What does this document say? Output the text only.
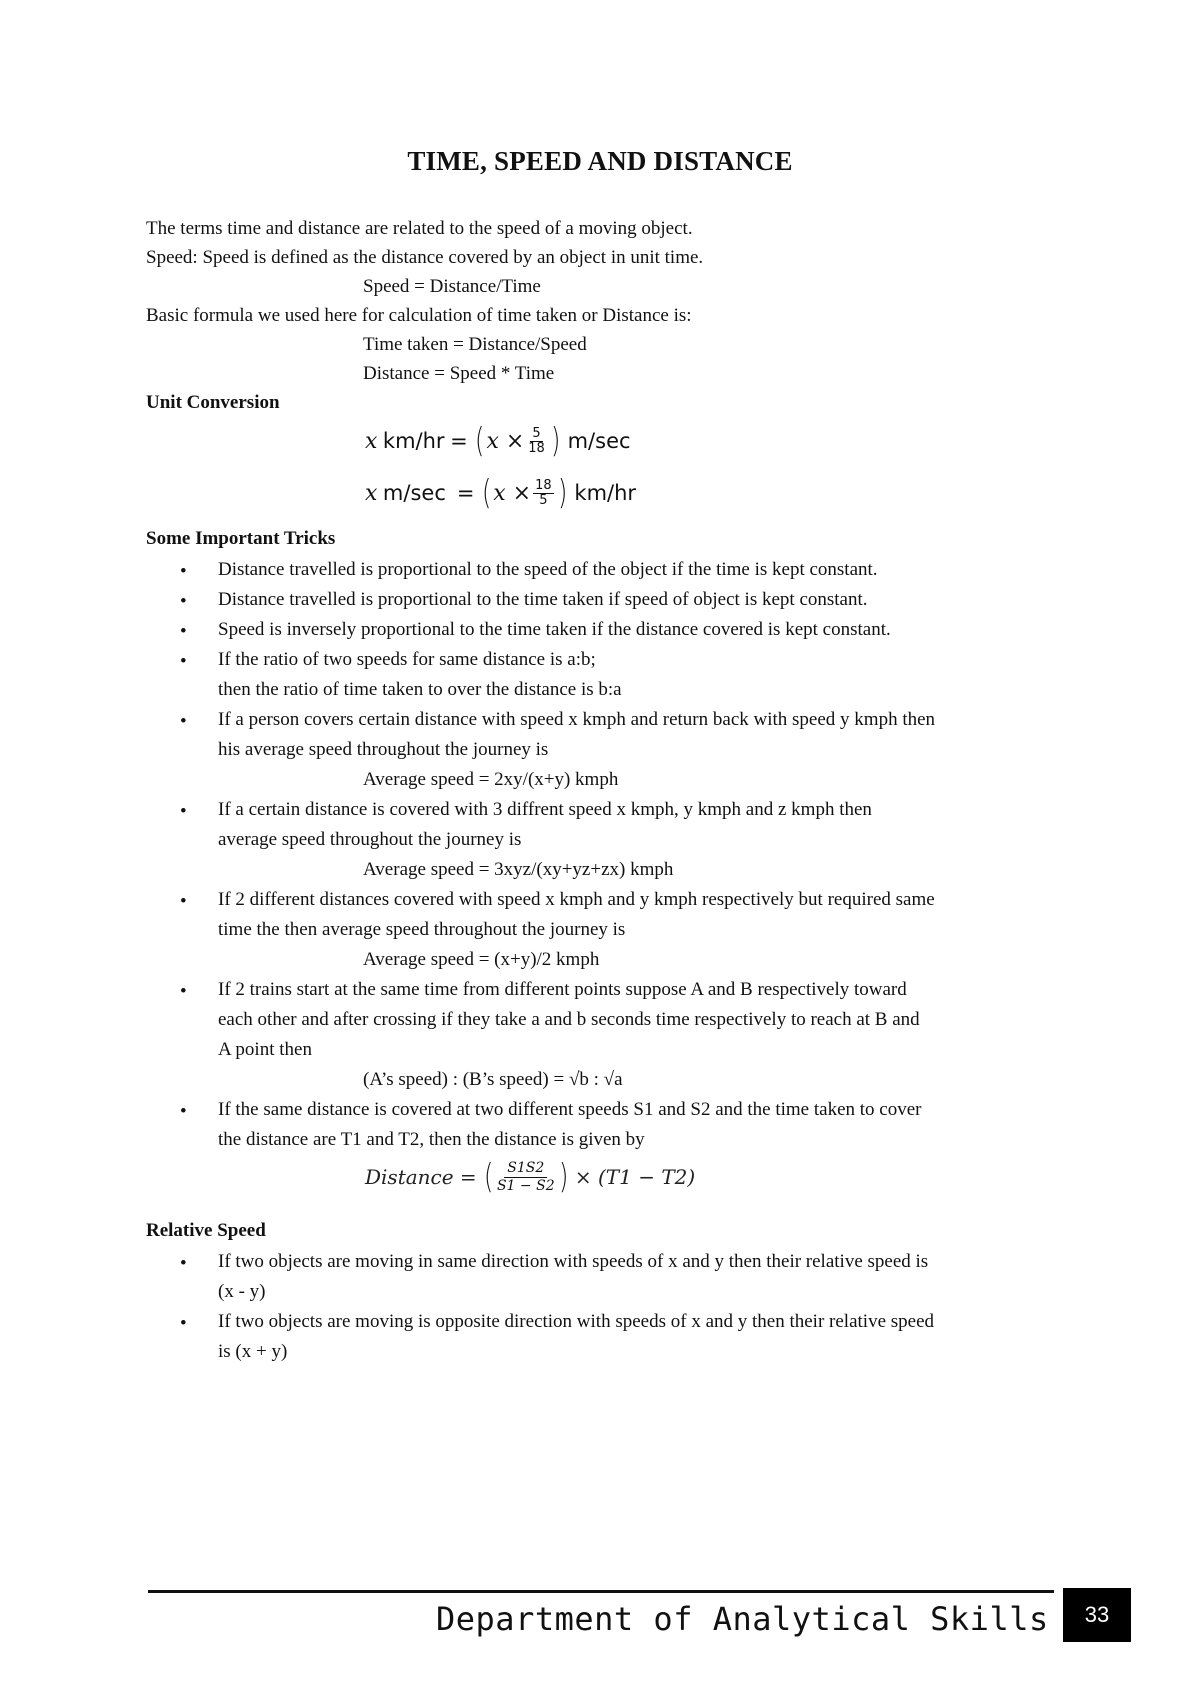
TIME, SPEED AND DISTANCE
The terms time and distance are related to the speed of a moving object.
Speed: Speed is defined as the distance covered by an object in unit time.
Speed = Distance/Time
Basic formula we used here for calculation of time taken or Distance is:
Time taken = Distance/Speed
Distance = Speed * Time
Unit Conversion
x
km/hr
=
( $x \times \frac{5}{18}$ )
m/sec
x
m/sec
=
( $x \times \frac{18}{5}$ )
km/hr
Some Important Tricks
• Distance travelled is proportional to the speed of the object if the time is kept constant.
• Distance travelled is proportional to the time taken if speed of object is kept constant.
• Speed is inversely proportional to the time taken if the distance covered is kept constant.
• If the ratio of two speeds for same distance is a:b;
then the ratio of time taken to over the distance is b:a
• If a person covers certain distance with speed x kmph and return back with speed y kmph then
his average speed throughout the journey is
Average speed = 2xy/(x+y) kmph
• If a certain distance is covered with 3 diffrent speed x kmph, y kmph and z kmph then
average speed throughout the journey is
Average speed = 3xyz/(xy+yz+zx) kmph
• If 2 different distances covered with speed x kmph and y kmph respectively but required same
time the then average speed throughout the journey is
Average speed = (x+y)/2 kmph
• If 2 trains start at the same time from different points suppose A and B respectively toward
each other and after crossing if they take a and b seconds time respectively to reach at B and
A point then
(A’s speed) : (B’s speed) = √b : √a
• If the same distance is covered at two different speeds S1 and S2 and the time taken to cover
the distance are T1 and T2, then the distance is given by
Distance =
( $\frac{S1S2}{S1 - S2}$ )
× (T1 − T2)
Relative Speed
• If two objects are moving in same direction with speeds of x and y then their relative speed is
(x - y)
• If two objects are moving is opposite direction with speeds of x and y then their relative speed
is (x + y)
Department of Analytical Skills	33
